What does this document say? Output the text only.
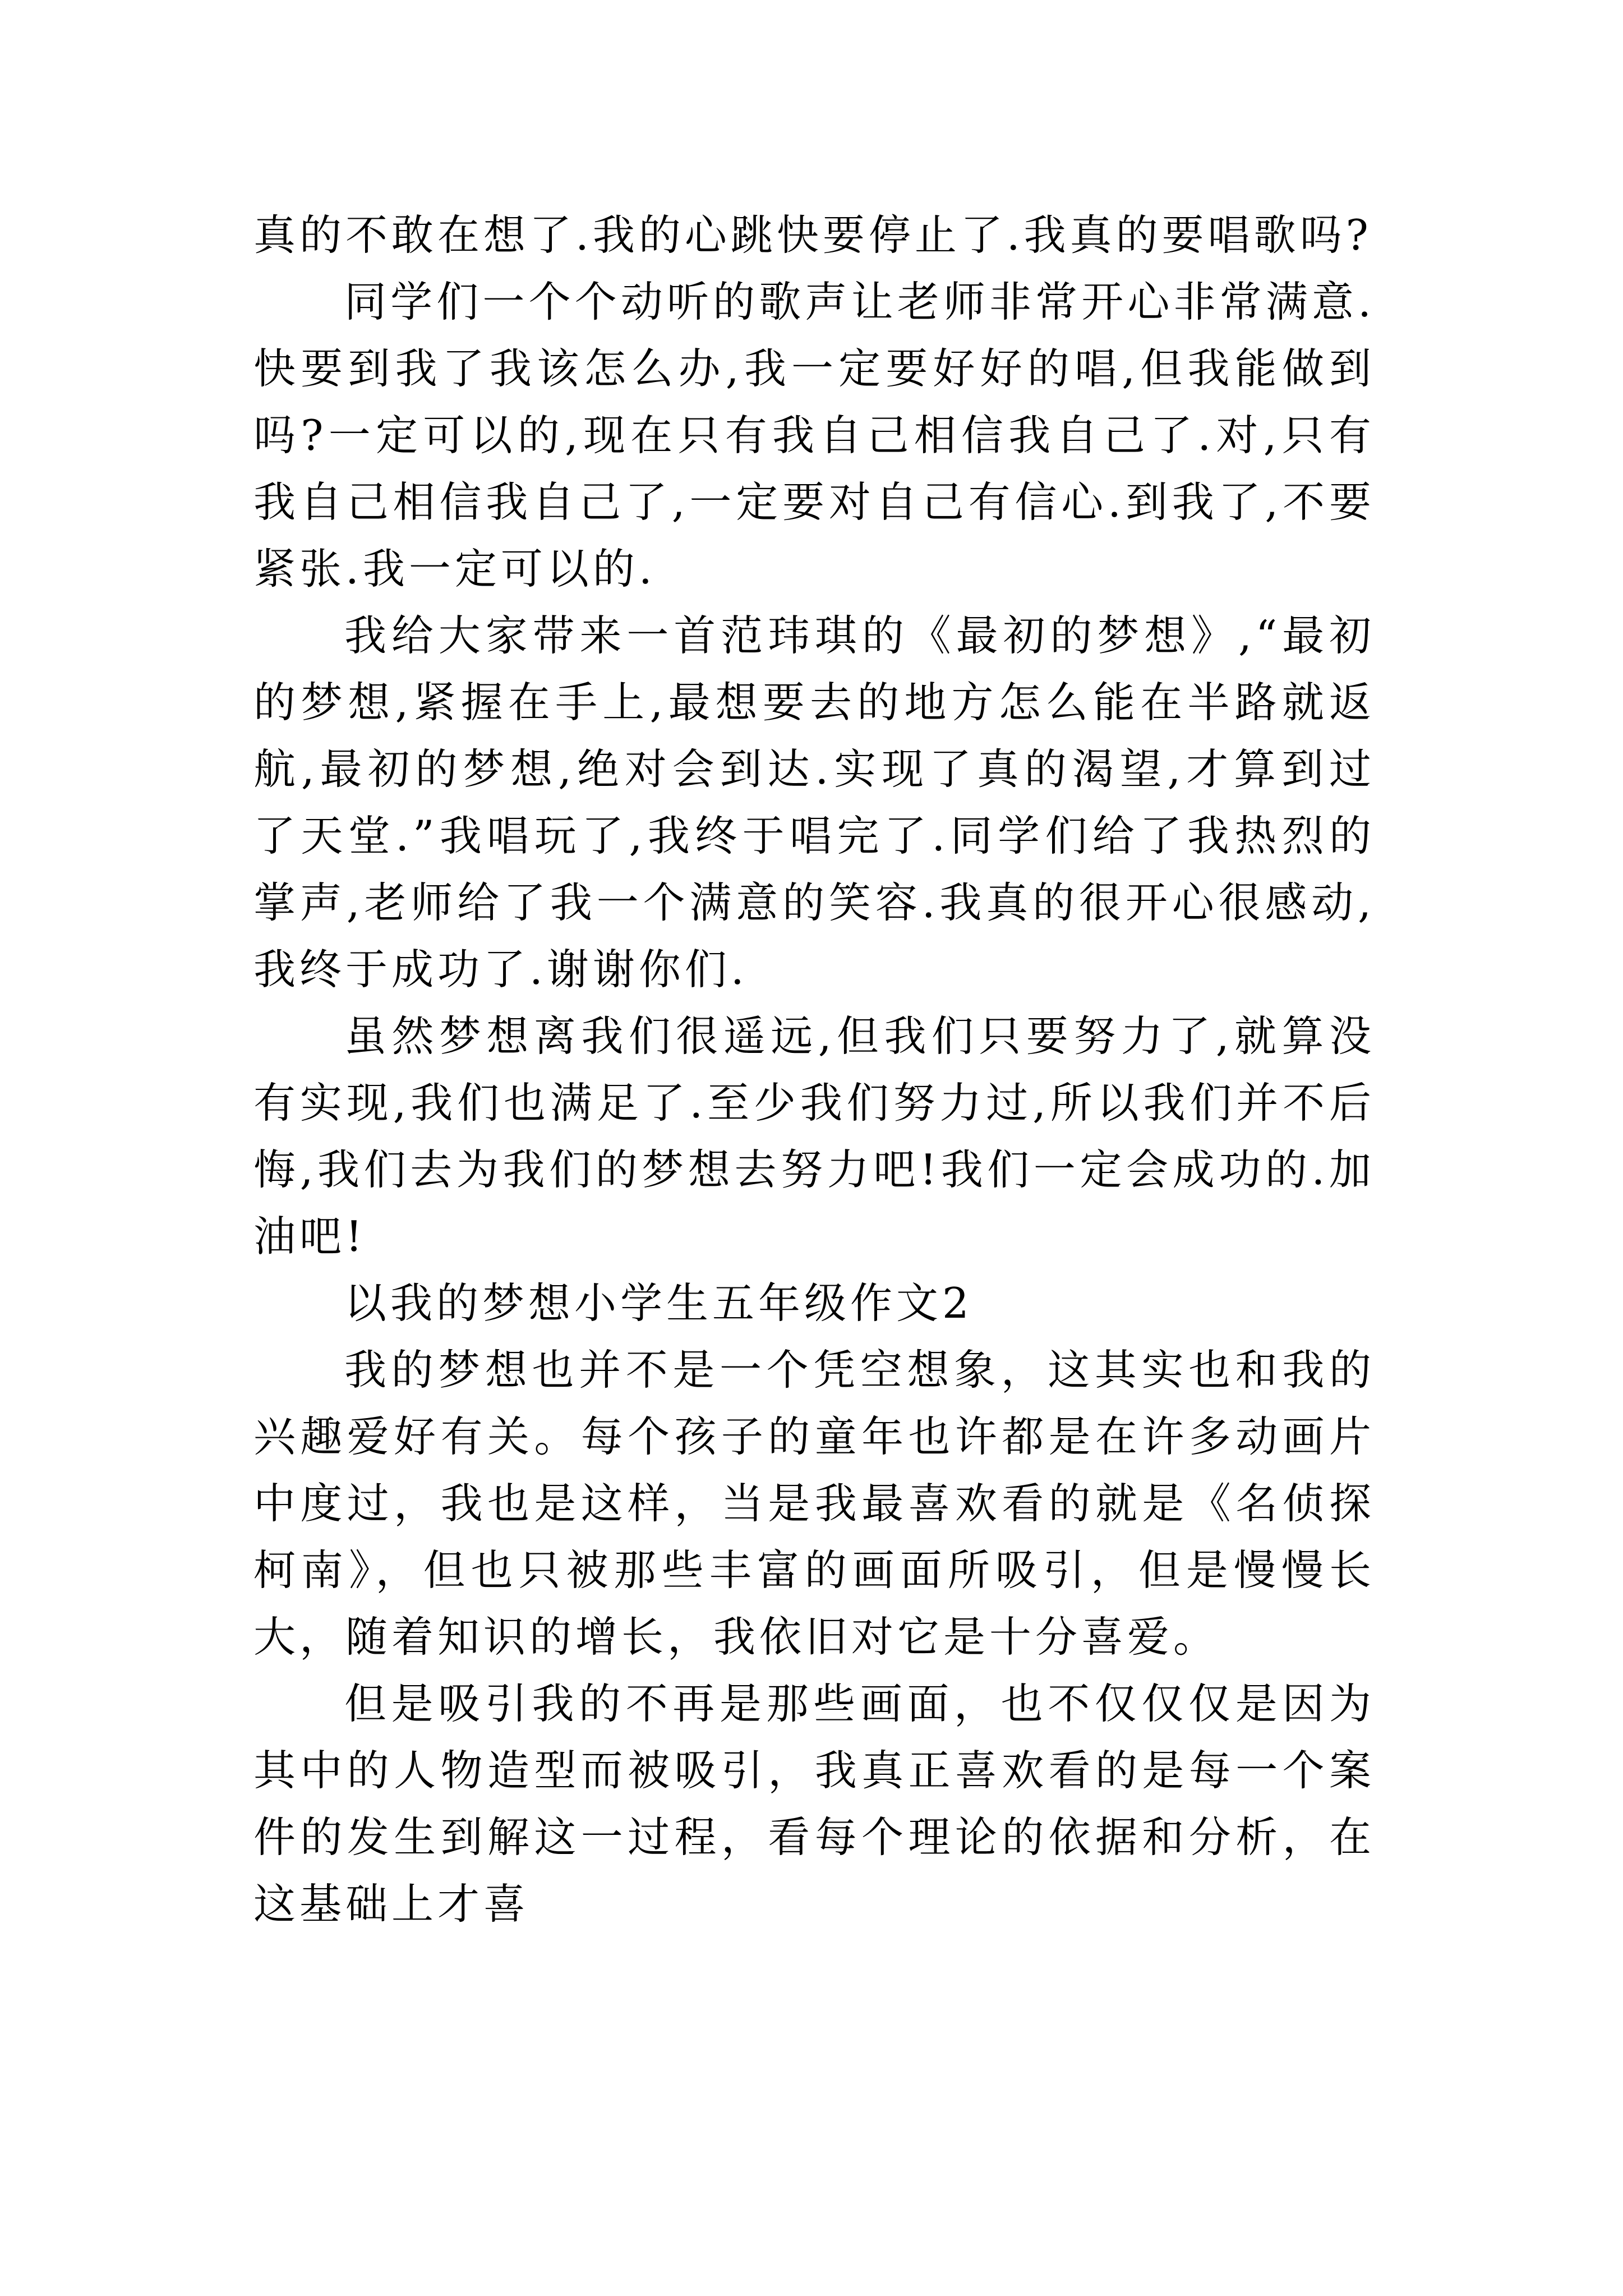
真的不敢在想了.我的心跳快要停止了.我真的要唱歌吗?

同学们一个个动听的歌声让老师非常开心非常满意.快要到我了我该怎么办,我一定要好好的唱,但我能做到吗?一定可以的,现在只有我自己相信我自己了.对,只有我自己相信我自己了,一定要对自己有信心.到我了,不要紧张.我一定可以的.

我给大家带来一首范玮琪的《最初的梦想》,“最初的梦想,紧握在手上,最想要去的地方怎么能在半路就返航,最初的梦想,绝对会到达.实现了真的渴望,才算到过了天堂.”我唱玩了,我终于唱完了.同学们给了我热烈的掌声,老师给了我一个满意的笑容.我真的很开心很感动,我终于成功了.谢谢你们.

虽然梦想离我们很遥远,但我们只要努力了,就算没有实现,我们也满足了.至少我们努力过,所以我们并不后悔,我们去为我们的梦想去努力吧!我们一定会成功的.加油吧!

以我的梦想小学生五年级作文2

我的梦想也并不是一个凭空想象，这其实也和我的兴趣爱好有关。每个孩子的童年也许都是在许多动画片中度过，我也是这样，当是我最喜欢看的就是《名侦探柯南》，但也只被那些丰富的画面所吸引，但是慢慢长大，随着知识的增长，我依旧对它是十分喜爱。

但是吸引我的不再是那些画面，也不仅仅仅是因为其中的人物造型而被吸引，我真正喜欢看的是每一个案件的发生到解这一过程，看每个理论的依据和分析，在这基础上才喜
